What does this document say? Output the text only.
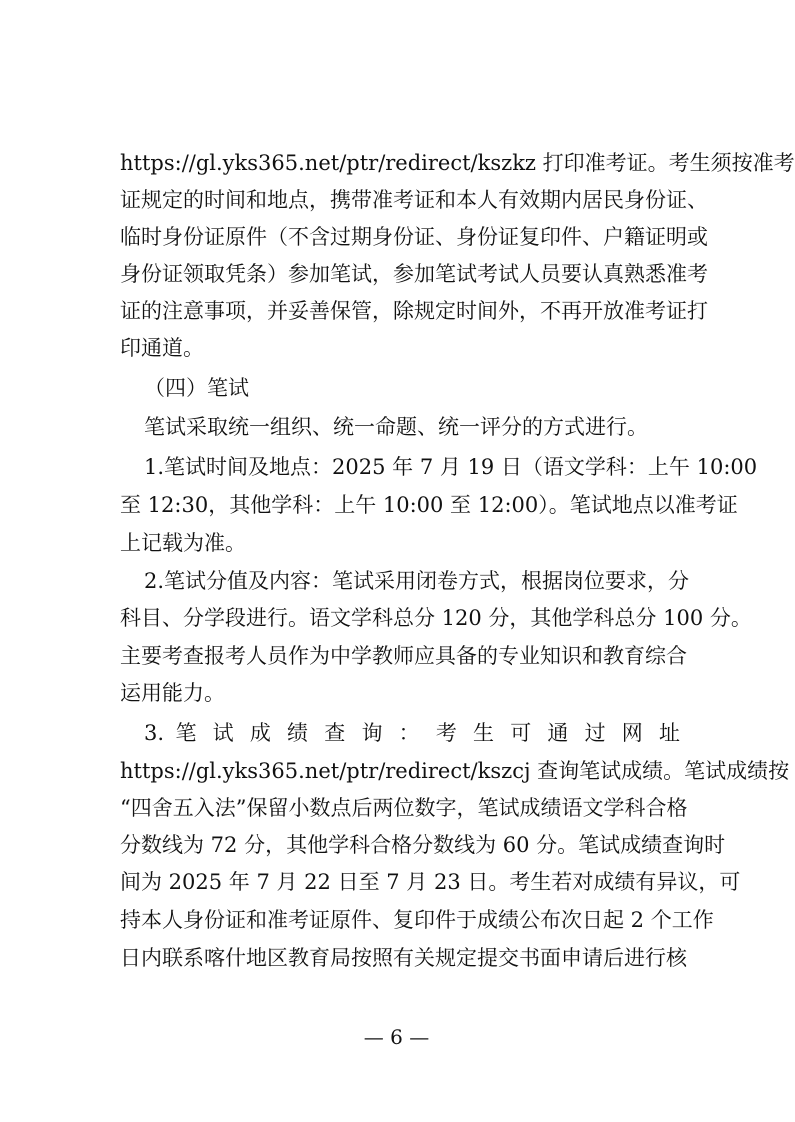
https://gl.yks365.net/ptr/redirect/kszkz 打印准考证。考生须按准考
证规定的时间和地点，携带准考证和本人有效期内居民身份证、
临时身份证原件（不含过期身份证、身份证复印件、户籍证明或
身份证领取凭条）参加笔试，参加笔试考试人员要认真熟悉准考
证的注意事项，并妥善保管，除规定时间外，不再开放准考证打
印通道。
（四）笔试
笔试采取统一组织、统一命题、统一评分的方式进行。
1.笔试时间及地点：2025 年 7 月 19 日（语文学科：上午 10:00
至 12:30，其他学科：上午 10:00 至 12:00）。笔试地点以准考证
上记载为准。
2.笔试分值及内容：笔试采用闭卷方式，根据岗位要求，分
科目、分学段进行。语文学科总分 120 分，其他学科总分 100 分。
主要考查报考人员作为中学教师应具备的专业知识和教育综合
运用能力。
3. 笔 试 成 绩 查 询 ： 考 生 可 通 过 网 址
https://gl.yks365.net/ptr/redirect/kszcj 查询笔试成绩。笔试成绩按
“四舍五入法”保留小数点后两位数字，笔试成绩语文学科合格
分数线为 72 分，其他学科合格分数线为 60 分。笔试成绩查询时
间为 2025 年 7 月 22 日至 7 月 23 日。考生若对成绩有异议，可
持本人身份证和准考证原件、复印件于成绩公布次日起 2 个工作
日内联系喀什地区教育局按照有关规定提交书面申请后进行核
— 6 —
